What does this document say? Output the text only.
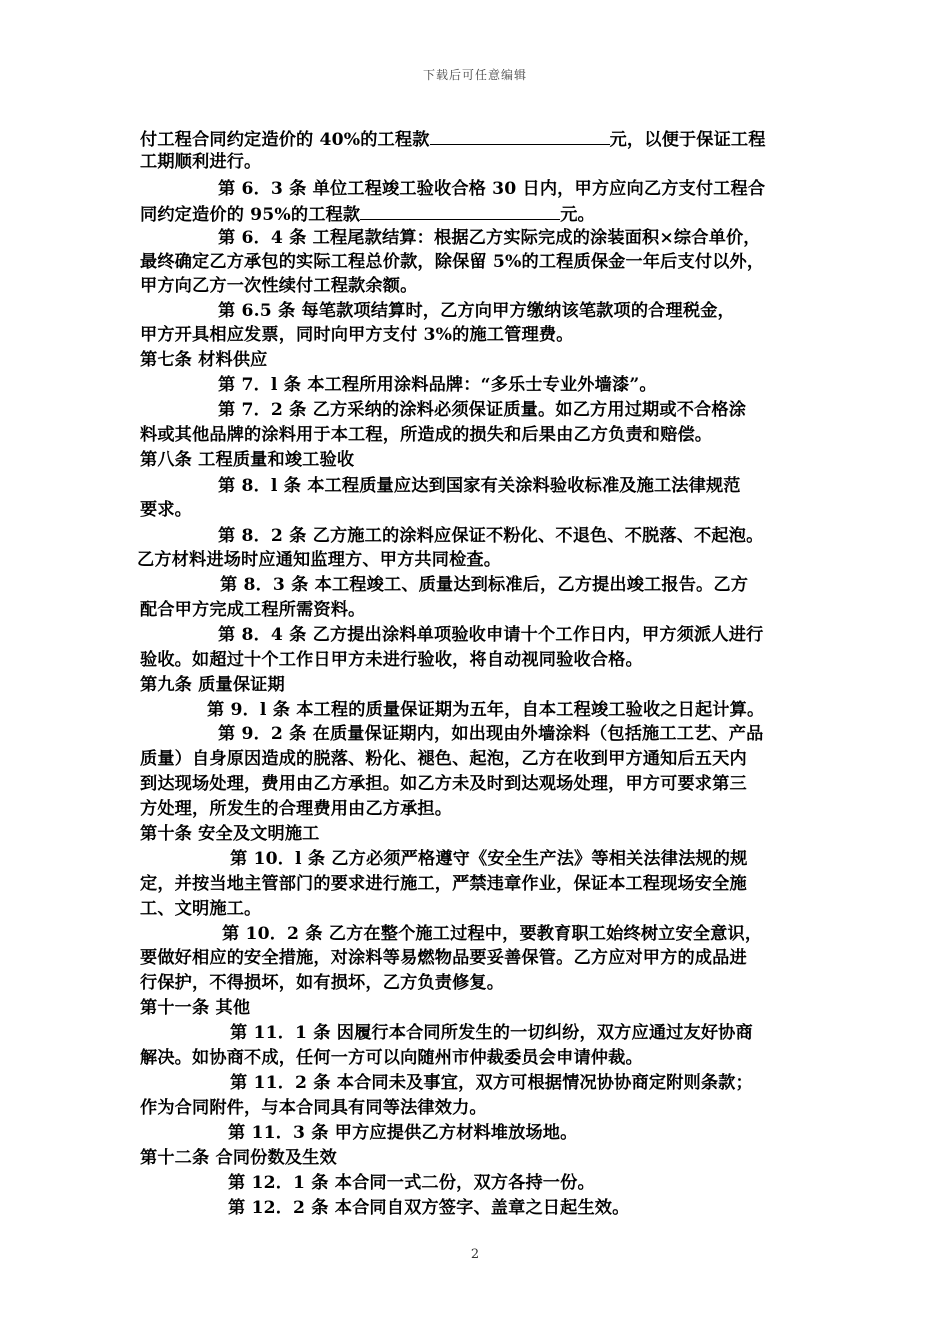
下载后可任意编辑
付工程合同约定造价的 40%的工程款	元，以便于保证工程
工期顺利进行。
第 6．3 条 单位工程竣工验收合格 30 日内，甲方应向乙方支付工程合
同约定造价的 95%的工程款	元。
第 6．4 条 工程尾款结算：根据乙方实际完成的涂装面积×综合单价，
最终确定乙方承包的实际工程总价款，除保留 5%的工程质保金一年后支付以外，
甲方向乙方一次性续付工程款余额。
第 6.5 条 每笔款项结算时，乙方向甲方缴纳该笔款项的合理税金，
甲方开具相应发票，同时向甲方支付 3%的施工管理费。
第七条 材料供应
第 7．l 条 本工程所用涂料品牌：“多乐士专业外墙漆”。
第 7．2 条 乙方采纳的涂料必须保证质量。如乙方用过期或不合格涂
料或其他品牌的涂料用于本工程，所造成的损失和后果由乙方负责和赔偿。
第八条 工程质量和竣工验收
第 8．l 条 本工程质量应达到国家有关涂料验收标准及施工法律规范
要求。
第 8．2 条 乙方施工的涂料应保证不粉化、不退色、不脱落、不起泡。
乙方材料进场时应通知监理方、甲方共同检查。
第 8．3 条 本工程竣工、质量达到标准后，乙方提出竣工报告。乙方
配合甲方完成工程所需资料。
第 8．4 条 乙方提出涂料单项验收申请十个工作日内，甲方须派人进行
验收。如超过十个工作日甲方未进行验收，将自动视同验收合格。
第九条 质量保证期
第 9．l 条 本工程的质量保证期为五年，自本工程竣工验收之日起计算。
第 9．2 条 在质量保证期内，如出现由外墙涂料（包括施工工艺、产品
质量）自身原因造成的脱落、粉化、褪色、起泡，乙方在收到甲方通知后五天内
到达现场处理，费用由乙方承担。如乙方未及时到达观场处理，甲方可要求第三
方处理，所发生的合理费用由乙方承担。
第十条 安全及文明施工
第 10．l 条 乙方必须严格遵守《安全生产法》等相关法律法规的规
定，并按当地主管部门的要求进行施工，严禁违章作业，保证本工程现场安全施
工、文明施工。
第 10．2 条 乙方在整个施工过程中，要教育职工始终树立安全意识，
要做好相应的安全措施，对涂料等易燃物品要妥善保管。乙方应对甲方的成品进
行保护，不得损坏，如有损坏，乙方负责修复。
第十一条 其他
第 11．1 条 因履行本合同所发生的一切纠纷，双方应通过友好协商
解决。如协商不成，任何一方可以向随州市仲裁委员会申请仲裁。
第 11．2 条 本合同未及事宜，双方可根据情况协协商定附则条款；
作为合同附件，与本合同具有同等法律效力。
第 11．3 条 甲方应提供乙方材料堆放场地。
第十二条 合同份数及生效
第 12．1 条 本合同一式二份，双方各持一份。
第 12．2 条 本合同自双方签字、盖章之日起生效。
2
